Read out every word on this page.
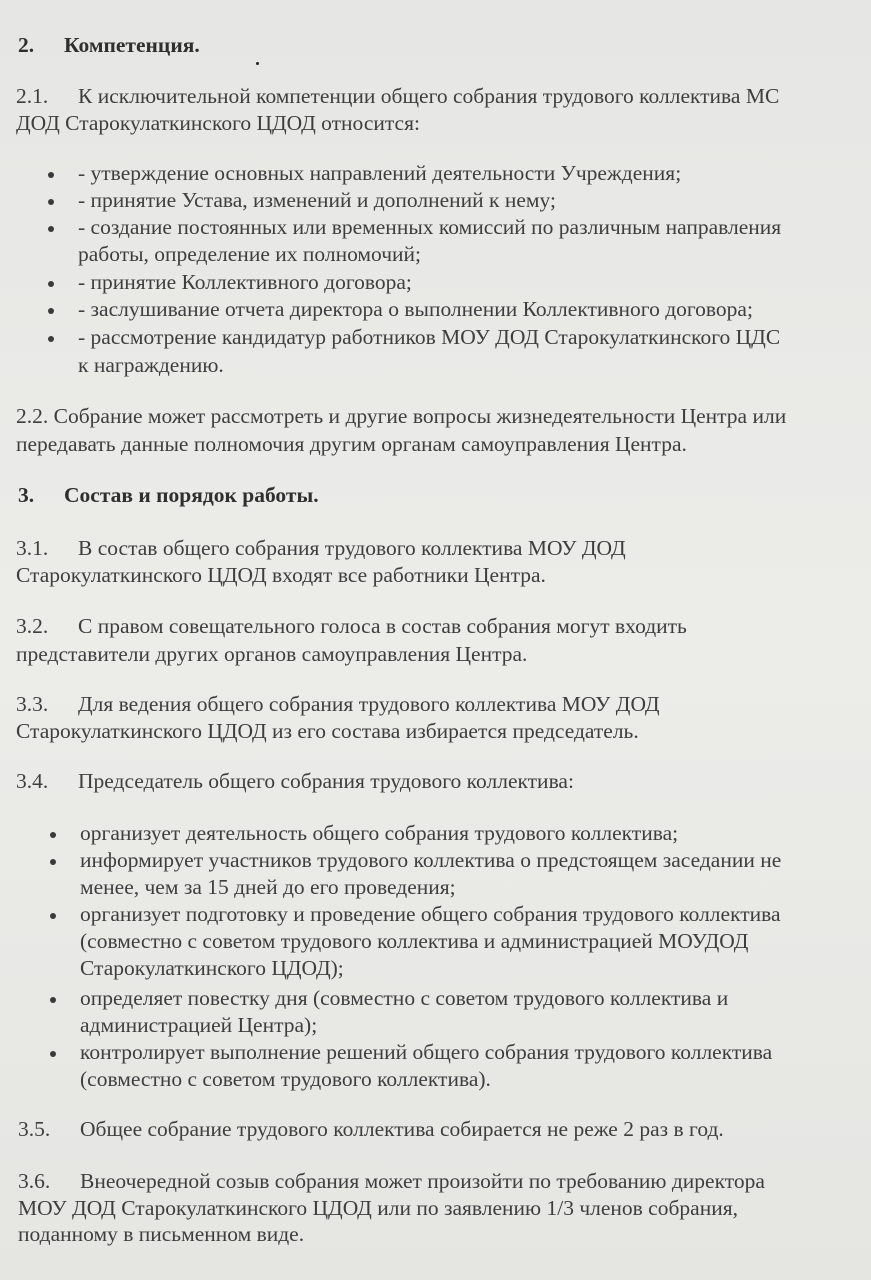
2. Компетенция.
2.1. К исключительной компетенции общего собрания трудового коллектива МС
ДОД Старокулаткинского ЦДОД относится:
- утверждение основных направлений деятельности Учреждения;
- принятие Устава, изменений и дополнений к нему;
- создание постоянных или временных комиссий по различным направления
работы, определение их полномочий;
- принятие Коллективного договора;
- заслушивание отчета директора о выполнении Коллективного договора;
- рассмотрение кандидатур работников МОУ ДОД Старокулаткинского ЦДС
к награждению.
2.2. Собрание может рассмотреть и другие вопросы жизнедеятельности Центра или
передавать данные полномочия другим органам самоуправления Центра.
3. Состав и порядок работы.
3.1. В состав общего собрания трудового коллектива МОУ ДОД
Старокулаткинского ЦДОД входят все работники Центра.
3.2. С правом совещательного голоса в состав собрания могут входить
представители других органов самоуправления Центра.
3.3. Для ведения общего собрания трудового коллектива МОУ ДОД
Старокулаткинского ЦДОД из его состава избирается председатель.
3.4. Председатель общего собрания трудового коллектива:
организует деятельность общего собрания трудового коллектива;
информирует участников трудового коллектива о предстоящем заседании не
менее, чем за 15 дней до его проведения;
организует подготовку и проведение общего собрания трудового коллектива
(совместно с советом трудового коллектива и администрацией МОУДОД
Старокулаткинского ЦДОД);
определяет повестку дня (совместно с советом трудового коллектива и
администрацией Центра);
контролирует выполнение решений общего собрания трудового коллектива
(совместно с советом трудового коллектива).
3.5. Общее собрание трудового коллектива собирается не реже 2 раз в год.
3.6. Внеочередной созыв собрания может произойти по требованию директора
МОУ ДОД Старокулаткинского ЦДОД или по заявлению 1/3 членов собрания,
поданному в письменном виде.
